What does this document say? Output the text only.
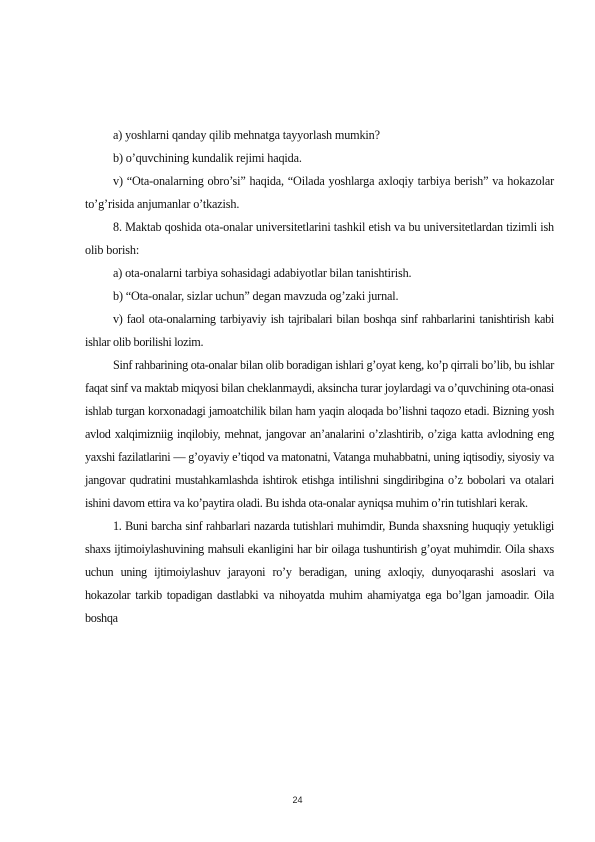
a) yoshlarni qanday qilib mehnatga tayyorlash mumkin?

b) o’quvchining kundalik rejimi haqida.

v) “Ota-onalarning obro’si” haqida, “Oilada yoshlarga axloqiy tarbiya berish” va hokazolar to’g’risida anjumanlar o’tkazish.

8. Maktab qoshida ota-onalar universitetlarini tashkil etish va bu universitetlardan tizimli ish olib borish:

a) ota-onalarni tarbiya sohasidagi adabiyotlar bilan tanishtirish.

b) “Ota-onalar, sizlar uchun” degan mavzuda og’zaki jurnal.

v) faol ota-onalarning tarbiyaviy ish tajribalari bilan boshqa sinf rahbarlarini tanishtirish kabi ishlar olib borilishi lozim.

Sinf rahbarining ota-onalar bilan olib boradigan ishlari g’oyat keng, ko’p qirrali bo’lib, bu ishlar faqat sinf va maktab miqyosi bilan cheklanmaydi, aksincha turar joylardagi va o’quvchining ota-onasi ishlab turgan korxonadagi jamoatchilik bilan ham yaqin aloqada bo’lishni taqozo etadi. Bizning yosh avlod xalqimizniig inqilobiy, mehnat, jangovar an’analarini o’zlashtirib, o’ziga katta avlodning eng yaxshi fazilatlarini — g’oyaviy e’tiqod va matonatni, Vatanga muhabbatni, uning iqtisodiy, siyosiy va jangovar qudratini mustahkamlashda ishtirok etishga intilishni singdiribgina o’z bobolari va otalari ishini davom ettira va ko’paytira oladi. Bu ishda ota-onalar ayniqsa muhim o’rin tutishlari kerak.

1. Buni barcha sinf rahbarlari nazarda tutishlari muhimdir, Bunda shaxsning huquqiy yetukligi shaxs ijtimoiylashuvining mahsuli ekanligini har bir oilaga tushuntirish g’oyat muhimdir. Oila shaxs uchun uning ijtimoiylashuv jarayoni ro’y beradigan, uning axloqiy, dunyoqarashi asoslari va hokazolar tarkib topadigan dastlabki va nihoyatda muhim ahamiyatga ega bo’lgan jamoadir. Oila boshqa

24
